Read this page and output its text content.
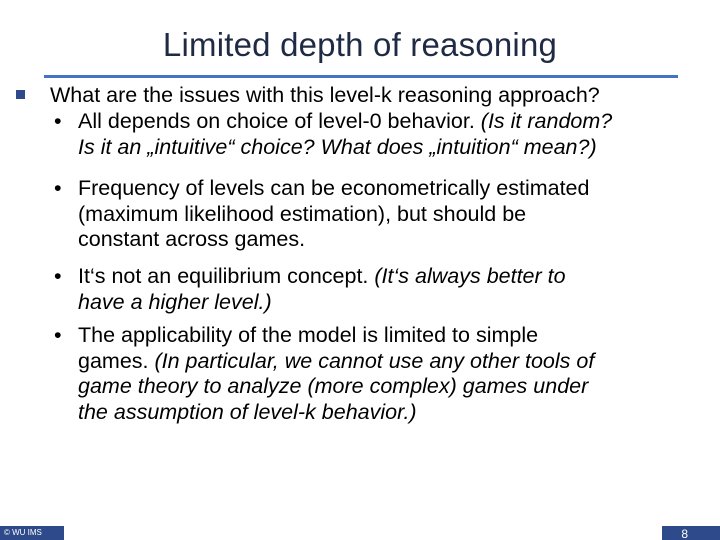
Limited depth of reasoning
What are the issues with this level-k reasoning approach?
• All depends on choice of level-0 behavior. (Is it random?
Is it an „intuitive“ choice? What does „intuition“ mean?)
• Frequency of levels can be econometrically estimated
(maximum likelihood estimation), but should be
constant across games.
• It‘s not an equilibrium concept. (It‘s always better to
have a higher level.)
• The applicability of the model is limited to simple
games. (In particular, we cannot use any other tools of
game theory to analyze (more complex) games under
the assumption of level-k behavior.)
© WU IMS	8
